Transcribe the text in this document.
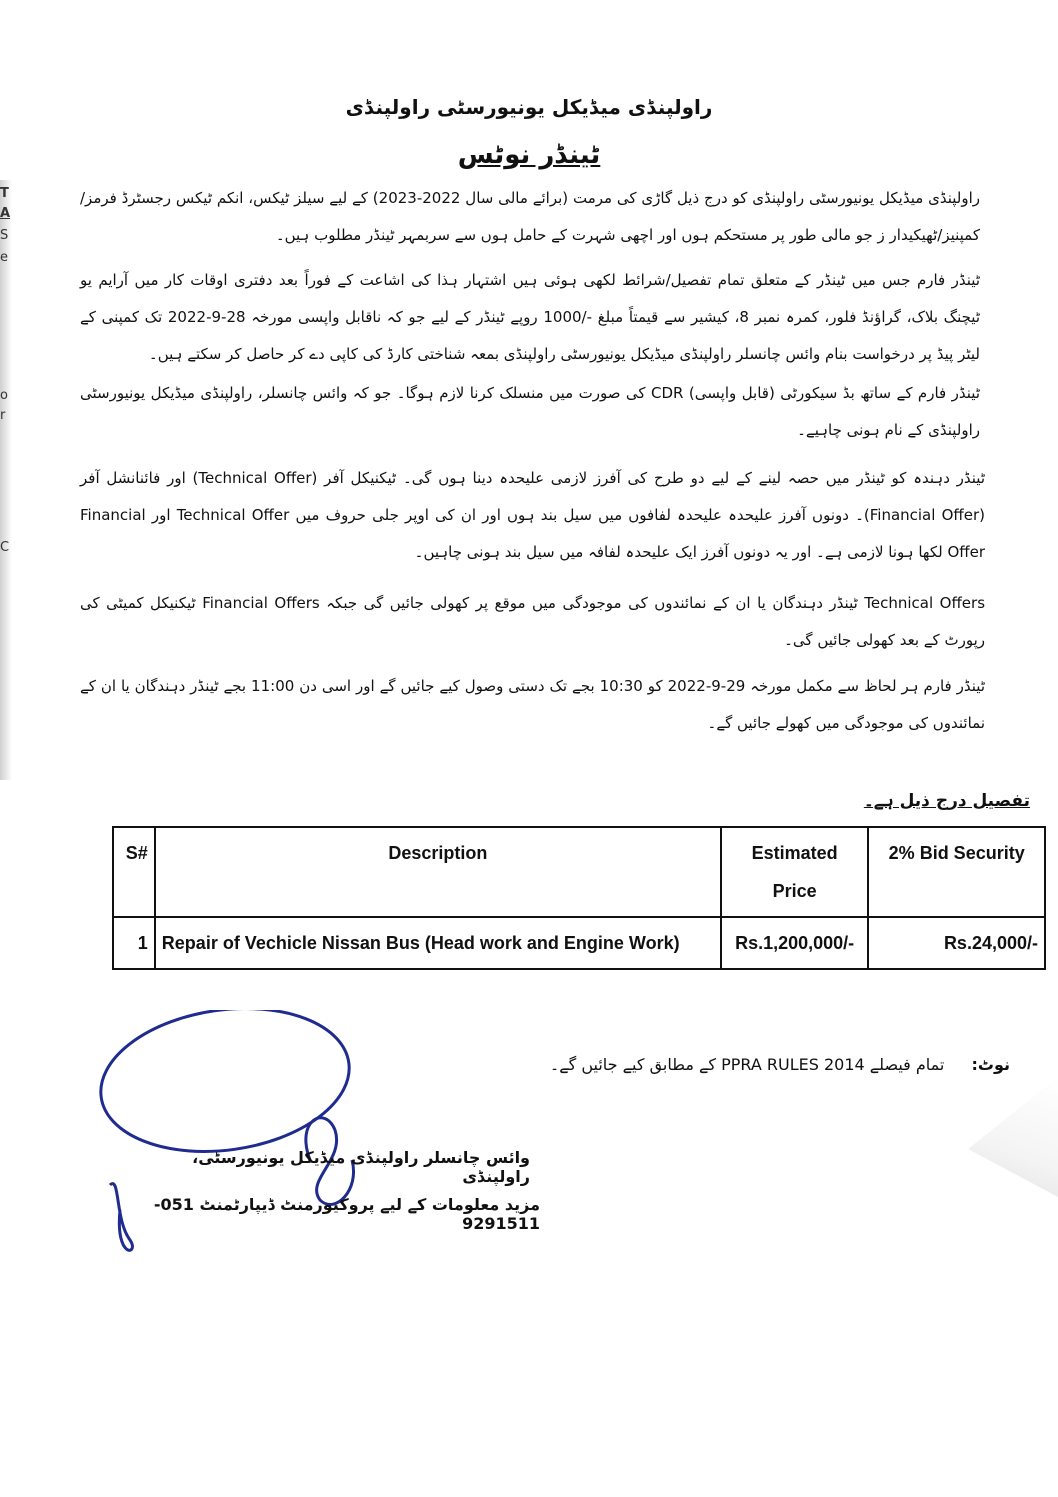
T
A
S
e
o
r
C
راولپنڈی میڈیکل یونیورسٹی راولپنڈی
ٹینڈر نوٹس
راولپنڈی میڈیکل یونیورسٹی راولپنڈی کو درج ذیل گاڑی کی مرمت (برائے مالی سال 2022-2023) کے لیے سیلز ٹیکس، انکم ٹیکس رجسٹرڈ فرمز/کمپنیز/ٹھیکیدار ز جو مالی طور پر مستحکم ہوں اور اچھی شہرت کے حامل ہوں سے سربمہر ٹینڈر مطلوب ہیں۔
ٹینڈر فارم جس میں ٹینڈر کے متعلق تمام تفصیل/شرائط لکھی ہوئی ہیں اشتہار ہذا کی اشاعت کے فوراً بعد دفتری اوقات کار میں آرایم یو ٹیچنگ بلاک، گراؤنڈ فلور، کمرہ نمبر 8، کیشیر سے قیمتاً مبلغ -/1000 روپے ٹینڈر کے لیے جو کہ ناقابل واپسی مورخہ 28-9-2022 تک کمپنی کے لیٹر پیڈ پر درخواست بنام وائس چانسلر راولپنڈی میڈیکل یونیورسٹی راولپنڈی بمعہ شناختی کارڈ کی کاپی دے کر حاصل کر سکتے ہیں۔
ٹینڈر فارم کے ساتھ بڈ سیکورٹی (قابل واپسی) CDR کی صورت میں منسلک کرنا لازم ہوگا۔ جو کہ وائس چانسلر، راولپنڈی میڈیکل یونیورسٹی راولپنڈی کے نام ہونی چاہیے۔
ٹینڈر دہندہ کو ٹینڈر میں حصہ لینے کے لیے دو طرح کی آفرز لازمی علیحدہ دینا ہوں گی۔ ٹیکنیکل آفر (Technical Offer) اور فائنانشل آفر (Financial Offer)۔ دونوں آفرز علیحدہ علیحدہ لفافوں میں سیل بند ہوں اور ان کی اوپر جلی حروف میں Technical Offer اور Financial Offer لکھا ہونا لازمی ہے۔ اور یہ دونوں آفرز ایک علیحدہ لفافہ میں سیل بند ہونی چاہیں۔
Technical Offers ٹینڈر دہندگان یا ان کے نمائندوں کی موجودگی میں موقع پر کھولی جائیں گی جبکہ Financial Offers ٹیکنیکل کمیٹی کی رپورٹ کے بعد کھولی جائیں گی۔
ٹینڈر فارم ہر لحاظ سے مکمل مورخہ 29-9-2022 کو 10:30 بجے تک دستی وصول کیے جائیں گے اور اسی دن 11:00 بجے ٹینڈر دہندگان یا ان کے نمائندوں کی موجودگی میں کھولے جائیں گے۔
تفصیل درج ذیل ہے۔
S#	Description	Estimated Price	2% Bid Security
1	Repair of Vechicle Nissan Bus (Head work and Engine Work)	Rs.1,200,000/-	Rs.24,000/-
نوٹ: تمام فیصلے PPRA RULES 2014 کے مطابق کیے جائیں گے۔
وائس چانسلر راولپنڈی میڈیکل یونیورسٹی، راولپنڈی
مزید معلومات کے لیے پروکیورمنٹ ڈیپارٹمنٹ 051-9291511
